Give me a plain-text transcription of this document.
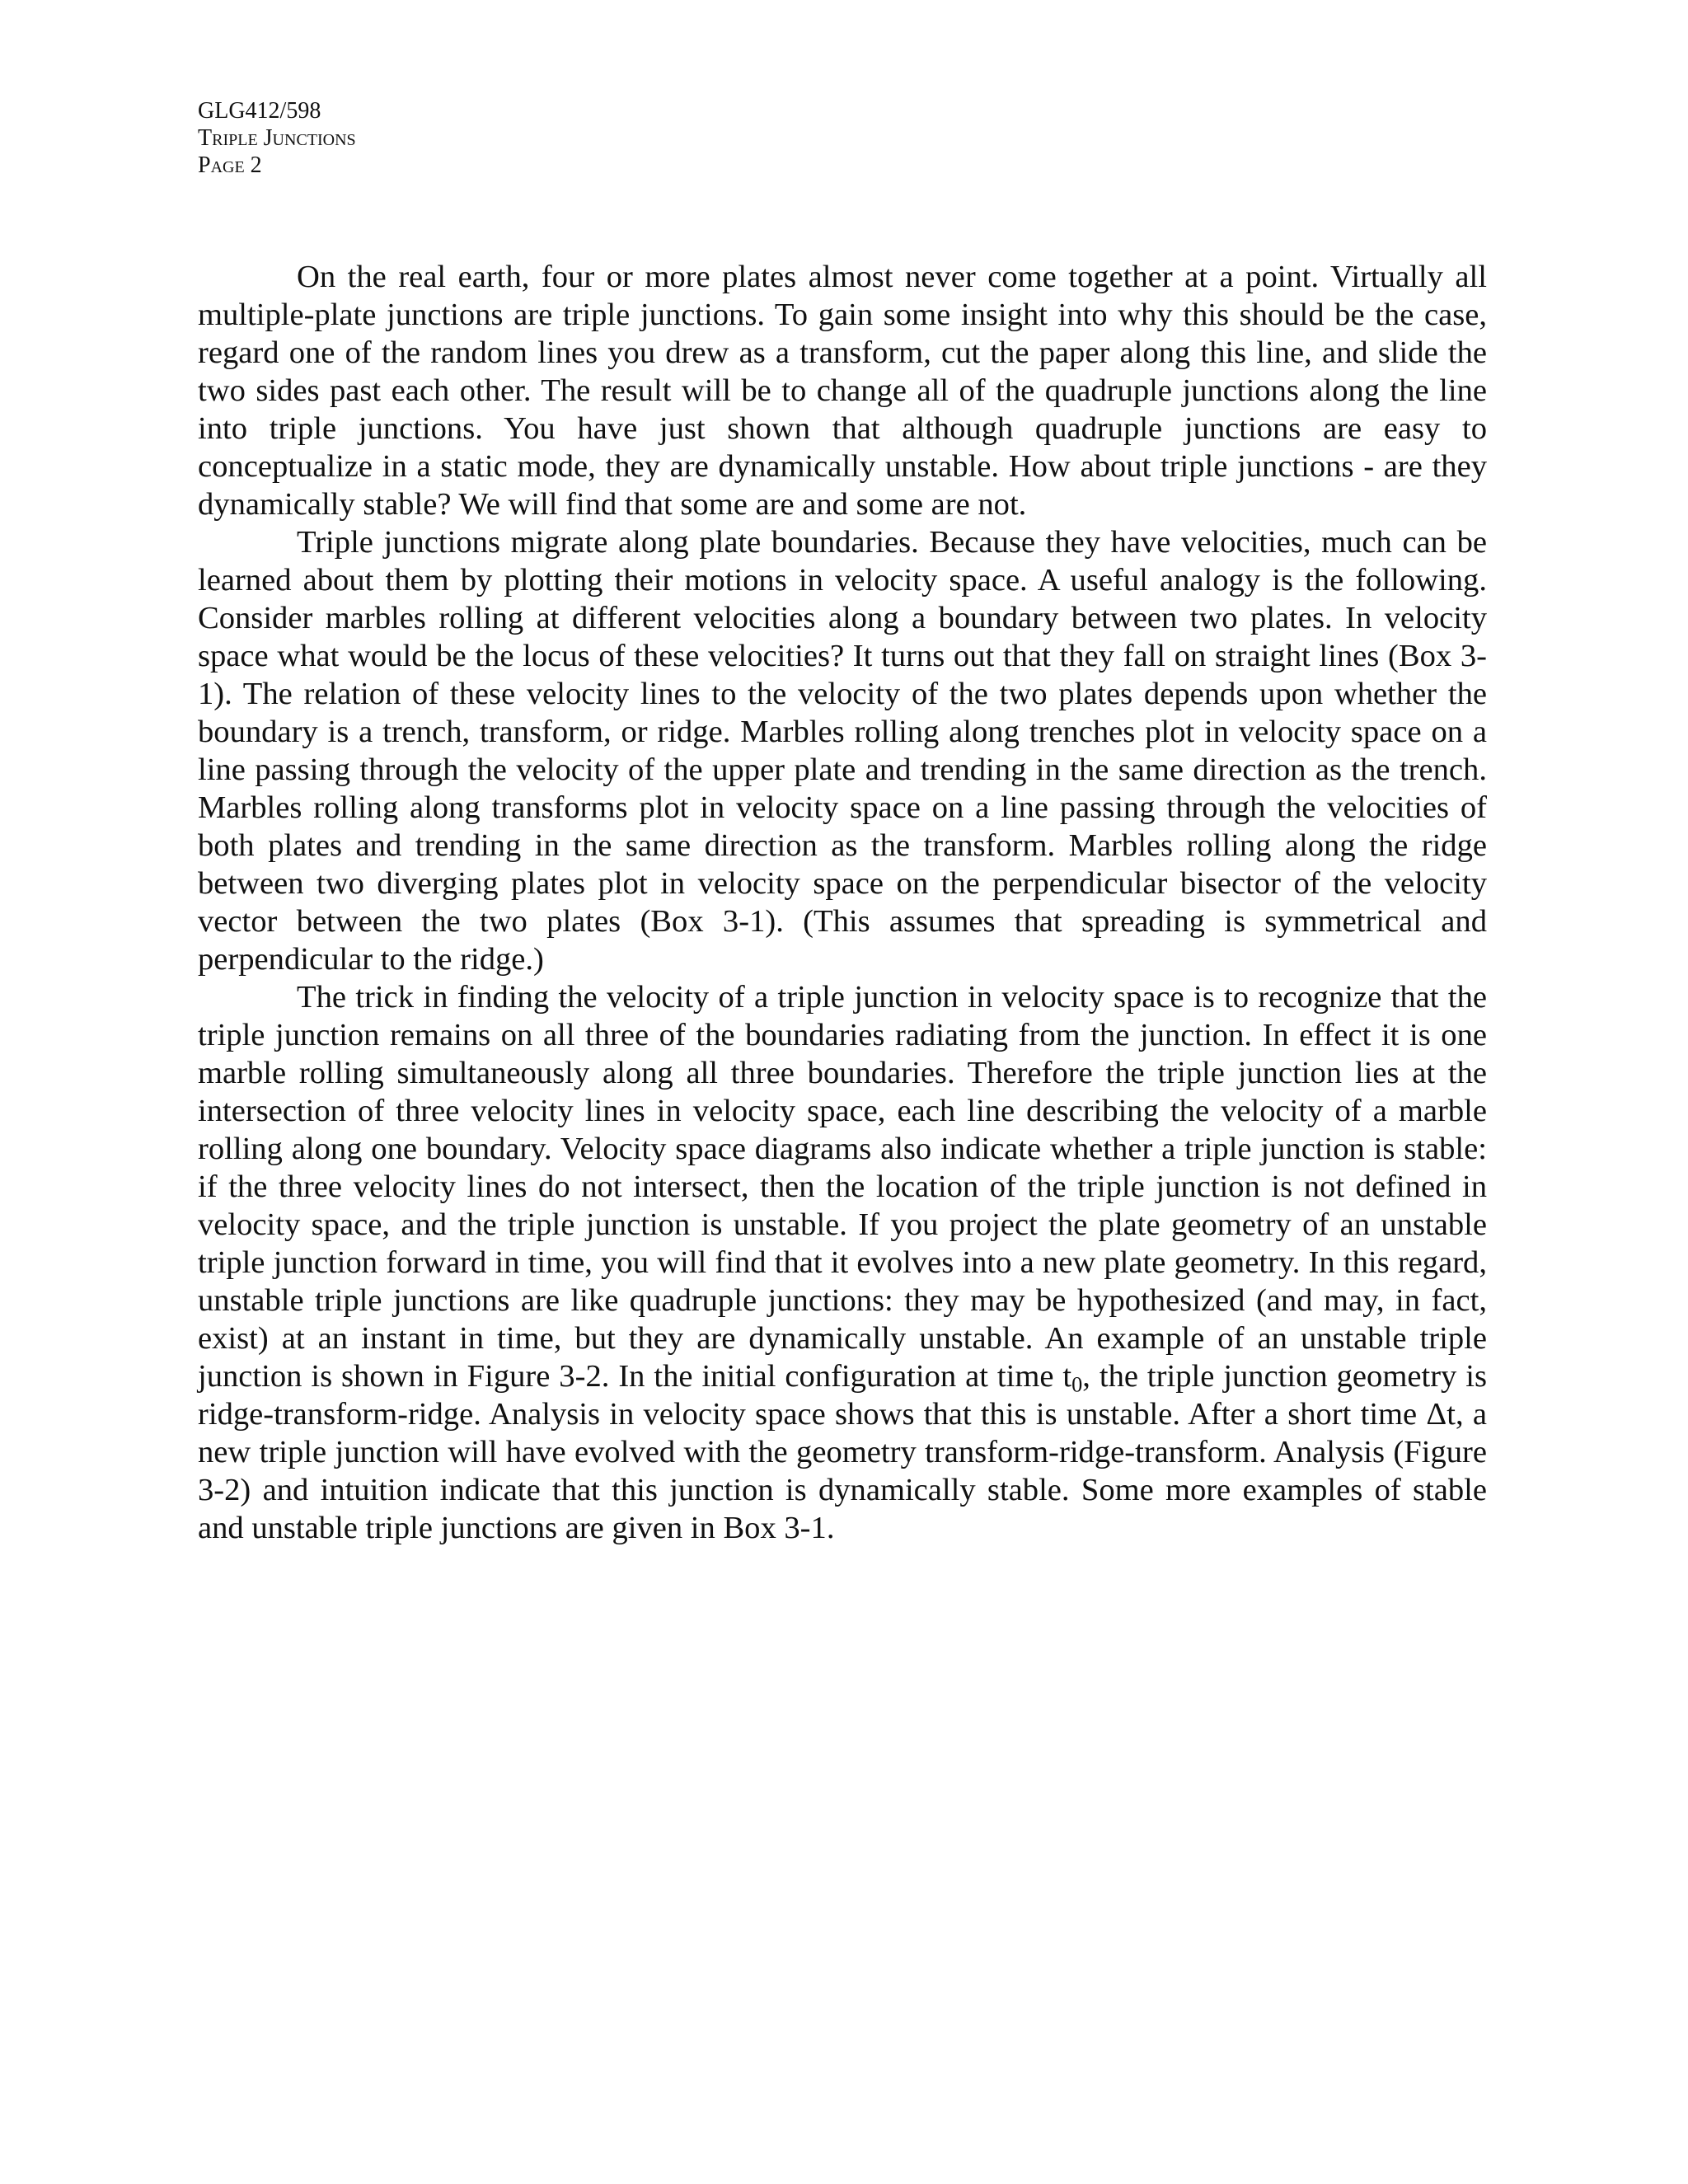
GLG412/598
Triple Junctions
Page 2

On the real earth, four or more plates almost never come together at a point. Virtually all multiple-plate junctions are triple junctions. To gain some insight into why this should be the case, regard one of the random lines you drew as a transform, cut the paper along this line, and slide the two sides past each other. The result will be to change all of the quadruple junctions along the line into triple junctions. You have just shown that although quadruple junctions are easy to conceptualize in a static mode, they are dynamically unstable. How about triple junctions - are they dynamically stable? We will find that some are and some are not.

Triple junctions migrate along plate boundaries. Because they have velocities, much can be learned about them by plotting their motions in velocity space. A useful analogy is the following. Consider marbles rolling at different velocities along a boundary between two plates. In velocity space what would be the locus of these velocities? It turns out that they fall on straight lines (Box 3-1). The relation of these velocity lines to the velocity of the two plates depends upon whether the boundary is a trench, transform, or ridge. Marbles rolling along trenches plot in velocity space on a line passing through the velocity of the upper plate and trending in the same direction as the trench. Marbles rolling along transforms plot in velocity space on a line passing through the velocities of both plates and trending in the same direction as the transform. Marbles rolling along the ridge between two diverging plates plot in velocity space on the perpendicular bisector of the velocity vector between the two plates (Box 3-1). (This assumes that spreading is symmetrical and perpendicular to the ridge.)

The trick in finding the velocity of a triple junction in velocity space is to recognize that the triple junction remains on all three of the boundaries radiating from the junction. In effect it is one marble rolling simultaneously along all three boundaries. Therefore the triple junction lies at the intersection of three velocity lines in velocity space, each line describing the velocity of a marble rolling along one boundary. Velocity space diagrams also indicate whether a triple junction is stable: if the three velocity lines do not intersect, then the location of the triple junction is not defined in velocity space, and the triple junction is unstable. If you project the plate geometry of an unstable triple junction forward in time, you will find that it evolves into a new plate geometry. In this regard, unstable triple junctions are like quadruple junctions: they may be hypothesized (and may, in fact, exist) at an instant in time, but they are dynamically unstable. An example of an unstable triple junction is shown in Figure 3-2. In the initial configuration at time $t_0$, the triple junction geometry is ridge-transform-ridge. Analysis in velocity space shows that this is unstable. After a short time Δt, a new triple junction will have evolved with the geometry transform-ridge-transform. Analysis (Figure 3-2) and intuition indicate that this junction is dynamically stable. Some more examples of stable and unstable triple junctions are given in Box 3-1.
